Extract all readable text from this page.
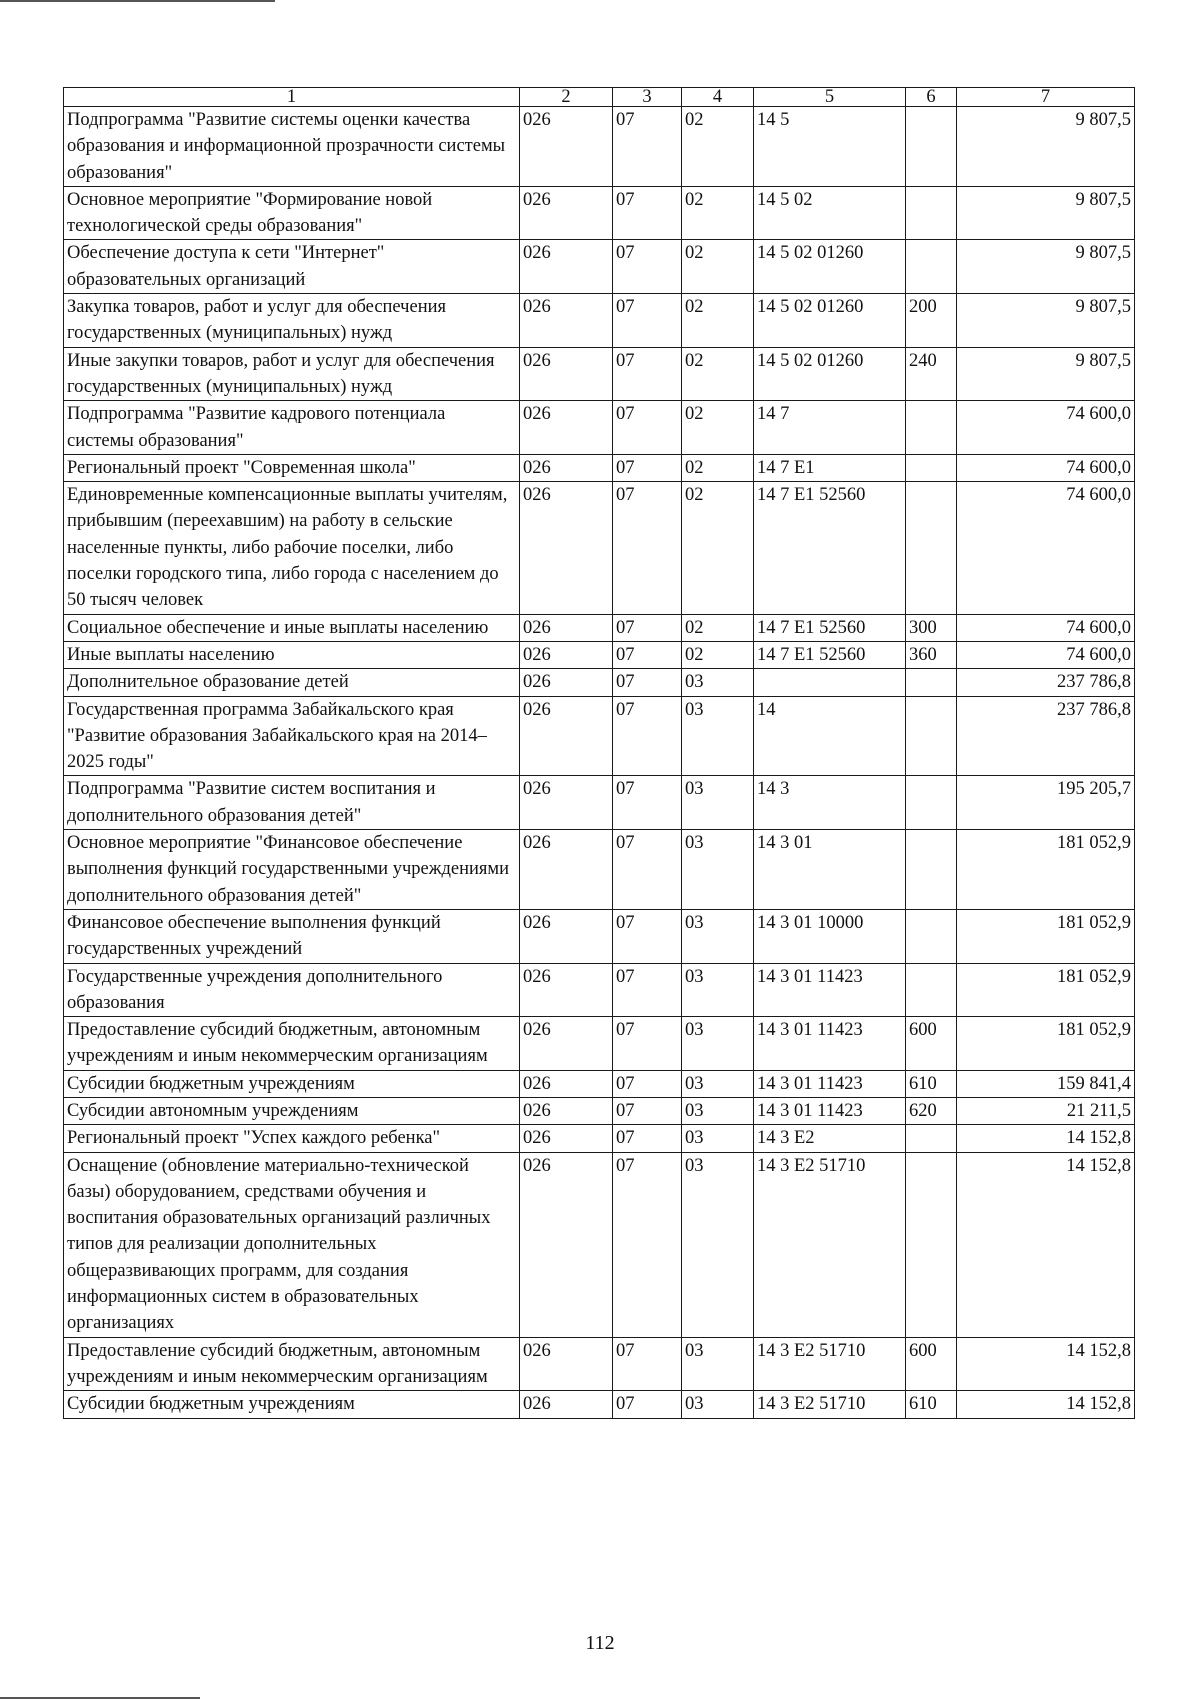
1	2	3	4	5	6	7
Подпрограмма "Развитие системы оценки качества образования и информационной прозрачности системы образования"	026	07	02	14 5		9 807,5
Основное мероприятие "Формирование новой технологической среды образования"	026	07	02	14 5 02		9 807,5
Обеспечение доступа к сети "Интернет" образовательных организаций	026	07	02	14 5 02 01260		9 807,5
Закупка товаров, работ и услуг для обеспечения государственных (муниципальных) нужд	026	07	02	14 5 02 01260	200	9 807,5
Иные закупки товаров, работ и услуг для обеспечения государственных (муниципальных) нужд	026	07	02	14 5 02 01260	240	9 807,5
Подпрограмма "Развитие кадрового потенциала системы образования"	026	07	02	14 7		74 600,0
Региональный проект "Современная школа"	026	07	02	14 7 E1		74 600,0
Единовременные компенсационные выплаты учителям, прибывшим (переехавшим) на работу в сельские населенные пункты, либо рабочие поселки, либо поселки городского типа, либо города с населением до 50 тысяч человек	026	07	02	14 7 E1 52560		74 600,0
Социальное обеспечение и иные выплаты населению	026	07	02	14 7 E1 52560	300	74 600,0
Иные выплаты населению	026	07	02	14 7 E1 52560	360	74 600,0
Дополнительное образование детей	026	07	03			237 786,8
Государственная программа Забайкальского края "Развитие образования Забайкальского края на 2014–2025 годы"	026	07	03	14		237 786,8
Подпрограмма "Развитие систем воспитания и дополнительного образования детей"	026	07	03	14 3		195 205,7
Основное мероприятие "Финансовое обеспечение выполнения функций государственными учреждениями дополнительного образования детей"	026	07	03	14 3 01		181 052,9
Финансовое обеспечение выполнения функций государственных учреждений	026	07	03	14 3 01 10000		181 052,9
Государственные учреждения дополнительного образования	026	07	03	14 3 01 11423		181 052,9
Предоставление субсидий бюджетным, автономным учреждениям и иным некоммерческим организациям	026	07	03	14 3 01 11423	600	181 052,9
Субсидии бюджетным учреждениям	026	07	03	14 3 01 11423	610	159 841,4
Субсидии автономным учреждениям	026	07	03	14 3 01 11423	620	21 211,5
Региональный проект "Успех каждого ребенка"	026	07	03	14 3 E2		14 152,8
Оснащение (обновление материально-технической базы) оборудованием, средствами обучения и воспитания образовательных организаций различных типов для реализации дополнительных общеразвивающих программ, для создания информационных систем в образовательных организациях	026	07	03	14 3 E2 51710		14 152,8
Предоставление субсидий бюджетным, автономным учреждениям и иным некоммерческим организациям	026	07	03	14 3 E2 51710	600	14 152,8
Субсидии бюджетным учреждениям	026	07	03	14 3 E2 51710	610	14 152,8
112
